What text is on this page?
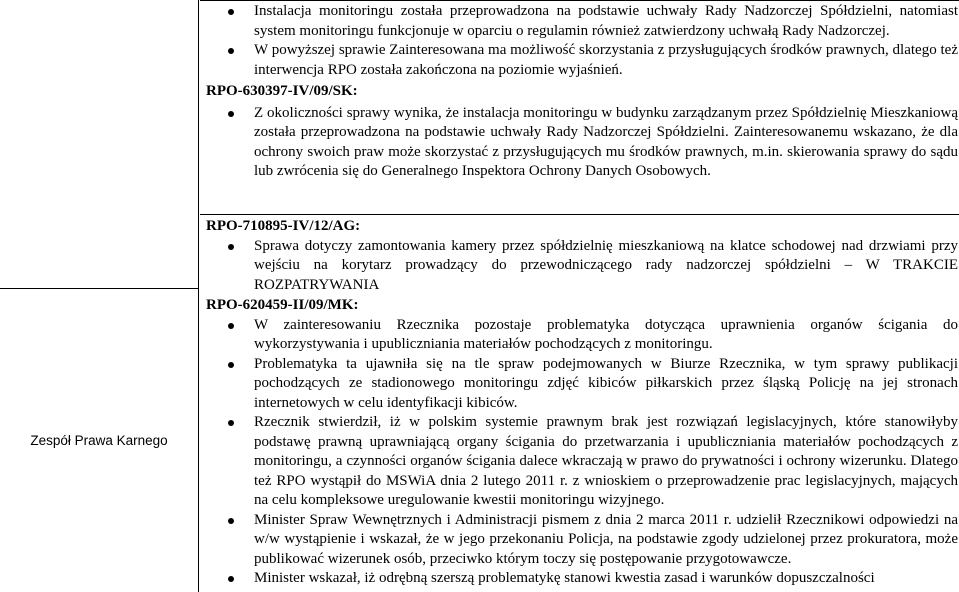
Zespół Prawa Karnego
Instalacja monitoringu została przeprowadzona na podstawie uchwały Rady Nadzorczej Spółdzielni, natomiast system monitoringu funkcjonuje w oparciu o regulamin również zatwierdzony uchwałą Rady Nadzorczej.
W powyższej sprawie Zainteresowana ma możliwość skorzystania z przysługujących środków prawnych, dlatego też interwencja RPO została zakończona na poziomie wyjaśnień.
RPO-630397-IV/09/SK:
Z okoliczności sprawy wynika, że instalacja monitoringu w budynku zarządzanym przez Spółdzielnię Mieszkaniową została przeprowadzona na podstawie uchwały Rady Nadzorczej Spółdzielni. Zainteresowanemu wskazano, że dla ochrony swoich praw może skorzystać z przysługujących mu środków prawnych, m.in. skierowania sprawy do sądu lub zwrócenia się do Generalnego Inspektora Ochrony Danych Osobowych.
RPO-710895-IV/12/AG:
Sprawa dotyczy zamontowania kamery przez spółdzielnię mieszkaniową na klatce schodowej nad drzwiami przy wejściu na korytarz prowadzący do przewodniczącego rady nadzorczej spółdzielni – W TRAKCIE ROZPATRYWANIA
RPO-620459-II/09/MK:
W zainteresowaniu Rzecznika pozostaje problematyka dotycząca uprawnienia organów ścigania do wykorzystywania i upubliczniania materiałów pochodzących z monitoringu.
Problematyka ta ujawniła się na tle spraw podejmowanych w Biurze Rzecznika, w tym sprawy publikacji pochodzących ze stadionowego monitoringu zdjęć kibiców piłkarskich przez śląską Policję na jej stronach internetowych w celu identyfikacji kibiców.
Rzecznik stwierdził, iż w polskim systemie prawnym brak jest rozwiązań legislacyjnych, które stanowiłyby podstawę prawną uprawniającą organy ścigania do przetwarzania i upubliczniania materiałów pochodzących z monitoringu, a czynności organów ścigania dalece wkraczają w prawo do prywatności i ochrony wizerunku. Dlatego też RPO wystąpił do MSWiA dnia 2 lutego 2011 r. z wnioskiem o przeprowadzenie prac legislacyjnych, mających na celu kompleksowe uregulowanie kwestii monitoringu wizyjnego.
Minister Spraw Wewnętrznych i Administracji pismem z dnia 2 marca 2011 r. udzielił Rzecznikowi odpowiedzi na w/w wystąpienie i wskazał, że w jego przekonaniu Policja, na podstawie zgody udzielonej przez prokuratora, może publikować wizerunek osób, przeciwko którym toczy się postępowanie przygotowawcze.
Minister wskazał, iż odrębną szerszą problematykę stanowi kwestia zasad i warunków dopuszczalności
